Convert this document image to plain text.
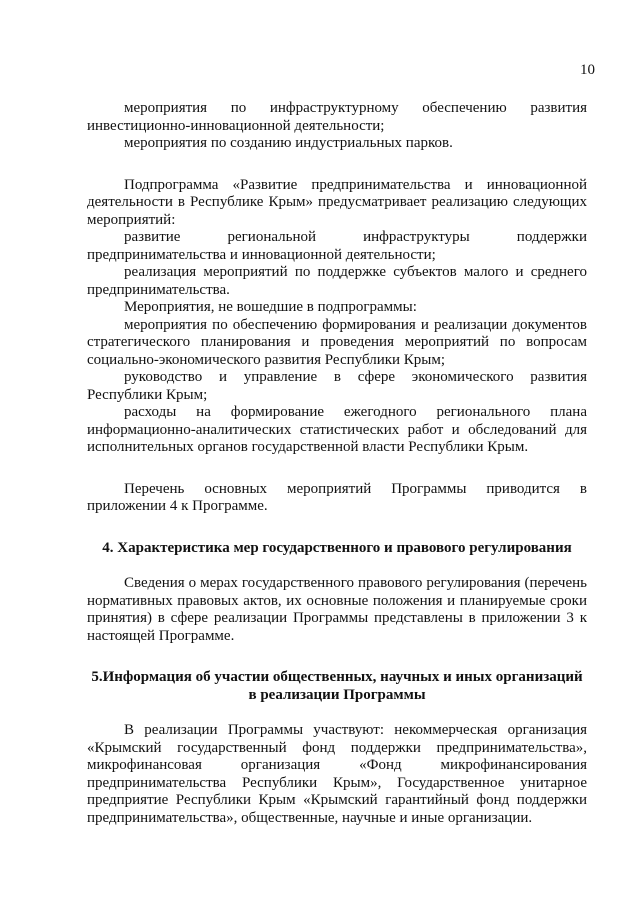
10

мероприятия по инфраструктурному обеспечению развития инвестиционно-инновационной деятельности;

мероприятия по созданию индустриальных парков.

Подпрограмма «Развитие предпринимательства и инновационной деятельности в Республике Крым» предусматривает реализацию следующих мероприятий:

развитие региональной инфраструктуры поддержки предпринимательства и инновационной деятельности;

реализация мероприятий по поддержке субъектов малого и среднего предпринимательства.

Мероприятия, не вошедшие в подпрограммы:

мероприятия по обеспечению формирования и реализации документов стратегического планирования и проведения мероприятий по вопросам социально-экономического развития Республики Крым;

руководство и управление в сфере экономического развития Республики Крым;

расходы на формирование ежегодного регионального плана информационно-аналитических статистических работ и обследований для исполнительных органов государственной власти Республики Крым.

Перечень основных мероприятий Программы приводится в приложении 4 к Программе.

4. Характеристика мер государственного и правового регулирования

Сведения о мерах государственного правового регулирования (перечень нормативных правовых актов, их основные положения и планируемые сроки принятия) в сфере реализации Программы представлены в приложении 3 к настоящей Программе.

5.Информация об участии общественных, научных и иных организаций
в реализации Программы

В реализации Программы участвуют: некоммерческая организация «Крымский государственный фонд поддержки предпринимательства», микрофинансовая организация «Фонд микрофинансирования предпринимательства Республики Крым», Государственное унитарное предприятие Республики Крым «Крымский гарантийный фонд поддержки предпринимательства», общественные, научные и иные организации.
